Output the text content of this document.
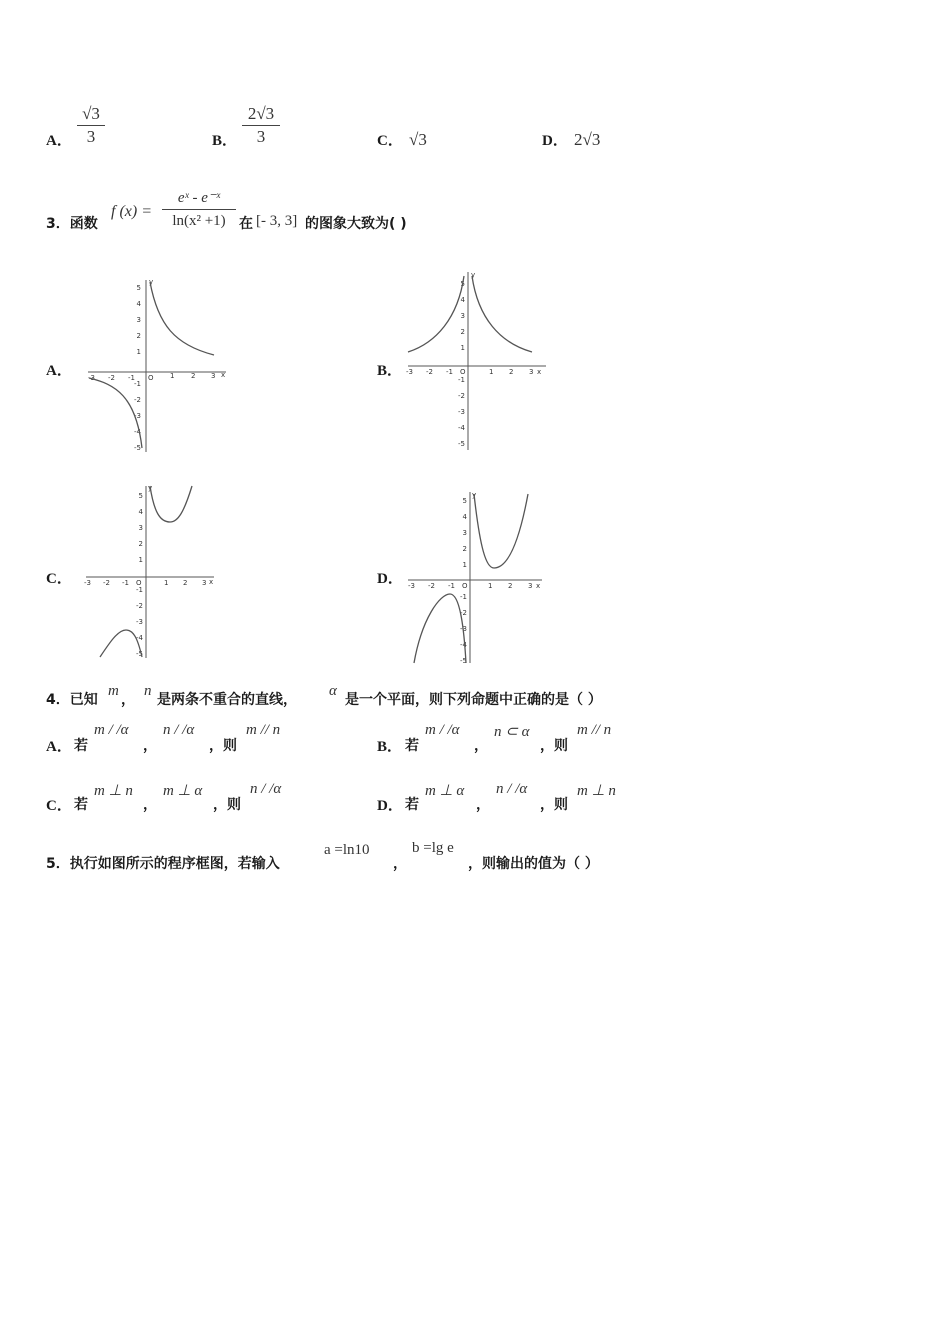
A．
√3
3	B．
2√3
3	C． √3	D． 2√3
3．函数
f (x) =
eˣ - e⁻ˣ
ln(x² +1) 在 [- 3, 3] 的图象大致为( )
A．	B．
C．	D．
-3 -2 -1	1 2 3 x
O
y
1
2
3
4
5
-1
-2
-3
-4
-5
-3 -2 -1	1 2 3 x
O
y
1
2
3
4
5
-1
-2
-3
-4
-5
-3 -2 -1	1 2 3 x
O
y
1
2
3
4
5
-1
-2
-3
-4
-5
-3 -2 -1	1 2 3 x
O
y
1
2
3
4
5
-1
-2
-3
-4
-5
4．已知
m
，
n
是两条不重合的直线，
α
是一个平面，则下列命题中正确的是（ ）
A． 若
m / /α
，
n / /α
，则
m // n
B． 若
m / /α
，
n ⊂ α
，则
m // n
C． 若
m ⊥ n
，
m ⊥ α
，则
n / /α
D． 若
m ⊥ α
，
n / /α
，则
m ⊥ n
5．执行如图所示的程序框图，若输入
a =ln10
，
b =lg e
，则输出的值为（ ）
